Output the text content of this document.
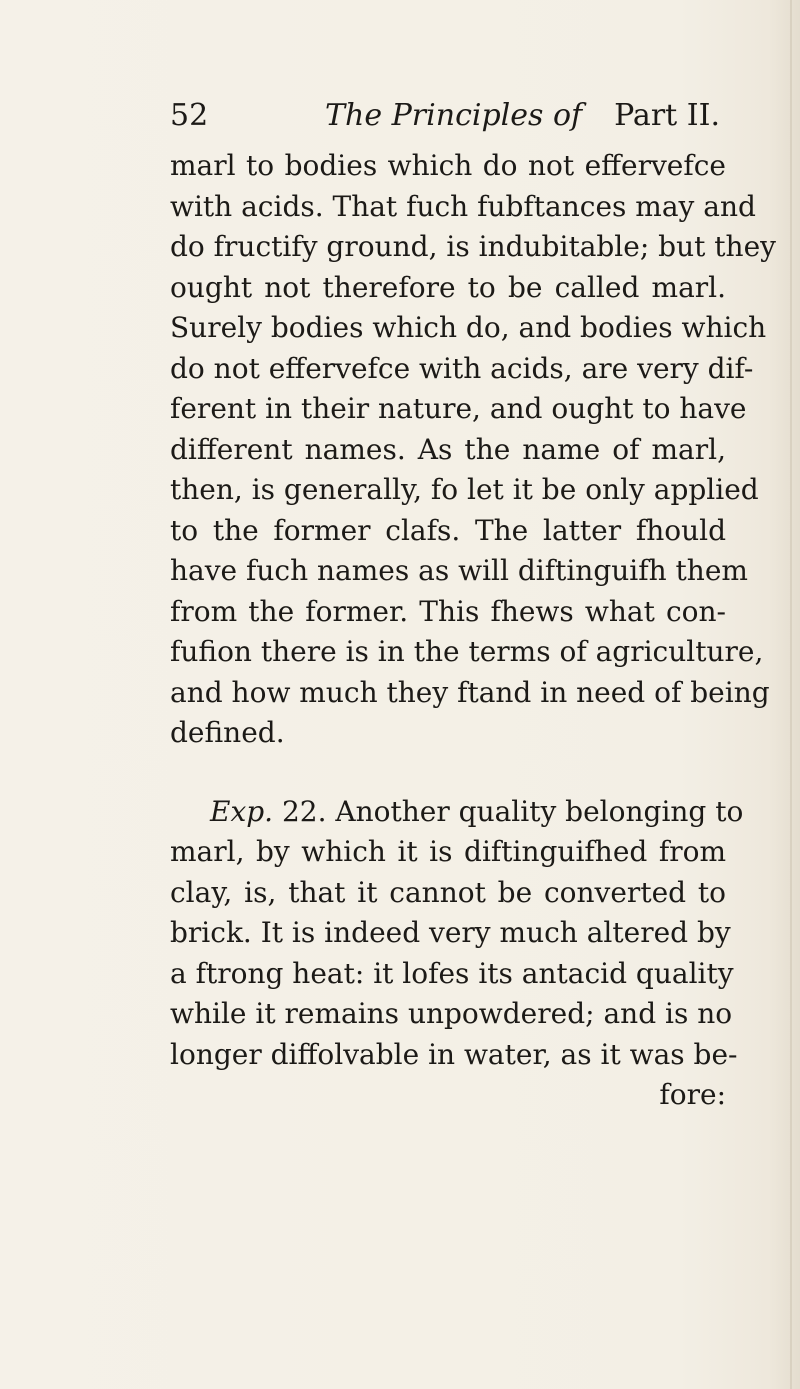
52	The Principles of Part II.
marl to bodies which do not effervefce
with acids. That fuch fubftances may and
do fructify ground, is indubitable; but they
ought not therefore to be called marl.
Surely bodies which do, and bodies which
do not effervefce with acids, are very dif-
ferent in their nature, and ought to have
different names. As the name of marl,
then, is generally, fo let it be only applied
to the former clafs. The latter fhould
have fuch names as will diftinguifh them
from the former. This fhews what con-
fufion there is in the terms of agriculture,
and how much they ftand in need of being
defined.
Exp. 22. Another quality belonging to
marl, by which it is diftinguifhed from
clay, is, that it cannot be converted to
brick. It is indeed very much altered by
a ftrong heat: it lofes its antacid quality
while it remains unpowdered; and is no
longer diffolvable in water, as it was be-
fore:
